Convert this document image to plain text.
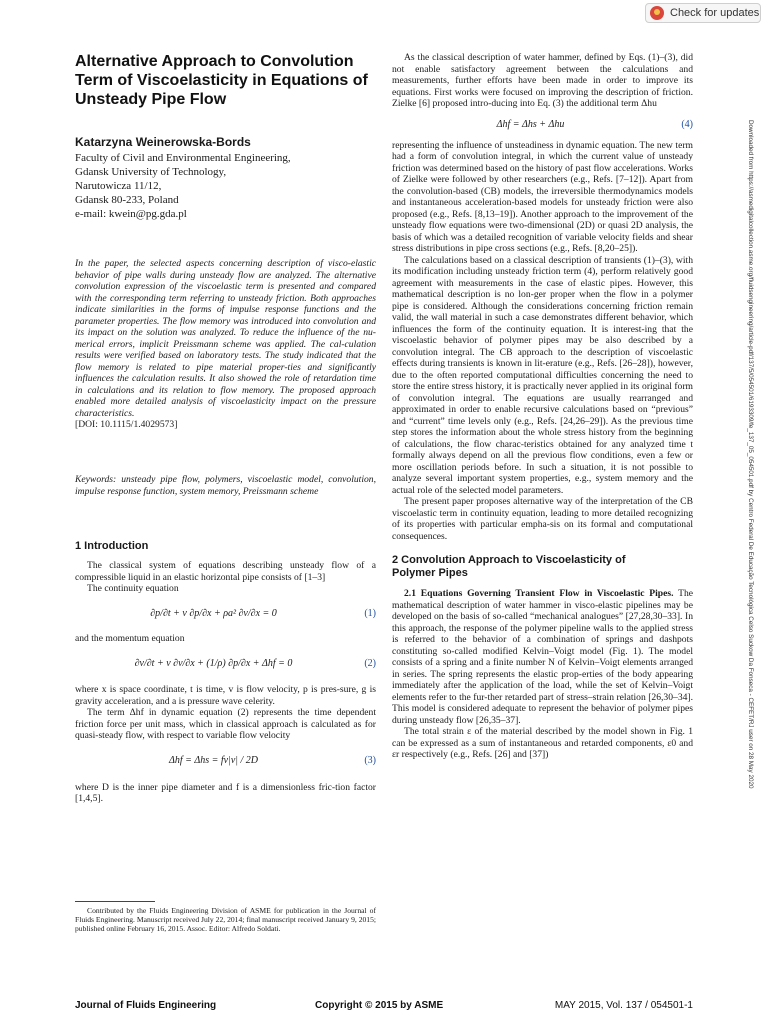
Check for updates
Alternative Approach to Convolution Term of Viscoelasticity in Equations of Unsteady Pipe Flow
Katarzyna Weinerowska-Bords
Faculty of Civil and Environmental Engineering,
Gdansk University of Technology,
Narutowicza 11/12,
Gdansk 80-233, Poland
e-mail: kwein@pg.gda.pl

In the paper, the selected aspects concerning description of visco-elastic behavior of pipe walls during unsteady flow are analyzed. The alternative convolution expression of the viscoelastic term is presented and compared with the corresponding term referring to unsteady friction. Both approaches indicate similarities in the forms of impulse response functions and the parameter properties. The flow memory was introduced into convolution and its impact on the solution was analyzed. To reduce the influence of the nu-merical errors, implicit Preissmann scheme was applied. The cal-culation results were verified based on laboratory tests. The study indicated that the flow memory is related to pipe material proper-ties and significantly influences the calculation results. It also showed the role of retardation time in calculations and its relation to flow memory. The proposed approach enabled more detailed analysis of viscoelasticity impact on the pressure characteristics.

[DOI: 10.1115/1.4029573]

Keywords: unsteady pipe flow, polymers, viscoelastic model, convolution, impulse response function, system memory, Preissmann scheme

1 Introduction

The classical system of equations describing unsteady flow of a compressible liquid in an elastic horizontal pipe consists of [1–3]

The continuity equation

∂p/∂t + v ∂p/∂x + ρa² ∂v/∂x = 0	(1)

and the momentum equation

∂v/∂t + v ∂v/∂x + (1/ρ) ∂p/∂x + Δhf = 0	(2)

where x is space coordinate, t is time, v is flow velocity, p is pres-sure, g is gravity acceleration, and a is pressure wave celerity.

The term Δhf in dynamic equation (2) represents the time dependent friction force per unit mass, which in classical approach is calculated as for quasi-steady flow, with respect to variable flow velocity

Δhf = Δhs = fv|v| / 2D	(3)

where D is the inner pipe diameter and f is a dimensionless fric-tion factor [1,4,5].

Contributed by the Fluids Engineering Division of ASME for publication in the Journal of Fluids Engineering. Manuscript received July 22, 2014; final manuscript received January 9, 2015; published online February 16, 2015. Assoc. Editor: Alfredo Soldati.

As the classical description of water hammer, defined by Eqs. (1)–(3), did not enable satisfactory agreement between the calculations and measurements, further efforts have been made in order to improve its equations. First works were focused on improving the description of friction. Zielke [6] proposed intro-ducing into Eq. (3) the additional term Δhu

Δhf = Δhs + Δhu	(4)

representing the influence of unsteadiness in dynamic equation. The new term had a form of convolution integral, in which the current value of unsteady friction was determined based on the history of past flow accelerations. Works of Zielke were followed by other researchers (e.g., Refs. [7–12]). Apart from the convolution-based (CB) models, the irreversible thermodynamics models and instantaneous acceleration-based models for unsteady friction were also proposed (e.g., Refs. [8,13–19]). Another approach to the improvement of the unsteady flow equations were two-dimensional (2D) or quasi 2D analysis, the basis of which was a detailed recognition of variable velocity fields and shear stress distributions in pipe cross sections (e.g., Refs. [8,20–25]).

The calculations based on a classical description of transients (1)–(3), with its modification including unsteady friction term (4), perform relatively good agreement with measurements in the case of elastic pipes. However, this mathematical description is no lon-ger proper when the flow in a polymer pipe is considered. Although the considerations concerning friction remain valid, the wall material in such a case demonstrates different behavior, which influences the form of the continuity equation. It is interest-ing that the viscoelastic behavior of polymer pipes may be also described by a convolution integral. The CB approach to the description of viscoelastic effects during transients is known in lit-erature (e.g., Refs. [26–28]), however, due to the often reported computational difficulties concerning the need to store the entire stress history, it is practically never applied in its original form of convolution integral. The equations are usually rearranged and approximated in order to enable recursive calculations based on “previous” and “current” time levels only (e.g., Refs. [24,26–29]). As the previous time step stores the information about the whole stress history from the beginning of calculations, the flow charac-teristics obtained for any analyzed time t formally always depend on all the previous flow conditions, even a few or more oscillation periods before. In such a situation, it is not possible to analyze several important system properties, e.g., system memory and the actual role of the selected model parameters.

The present paper proposes alternative way of the interpretation of the CB viscoelastic term in continuity equation, leading to more detailed recognizing of its properties with particular empha-sis on its formal and computational consequences.

2 Convolution Approach to Viscoelasticity of Polymer Pipes

2.1 Equations Governing Transient Flow in Viscoelastic Pipes. The mathematical description of water hammer in visco-elastic pipelines may be developed on the basis of so-called “mechanical analogues” [27,28,30–33]. In this approach, the response of the polymer pipeline walls to the applied stress is referred to the behavior of a combination of springs and dashpots constituting so-called modified Kelvin–Voigt model (Fig. 1). The model consists of a spring and a finite number N of Kelvin–Voigt elements arranged in series. The spring represents the elastic prop-erties of the body appearing immediately after the application of the load, while the set of Kelvin–Voigt elements refer to the fur-ther retarded part of stress–strain relation [26,30–34]. This model is considered adequate to represent the behavior of polymer pipes during unsteady flow [26,35–37].

The total strain ε of the material described by the model shown in Fig. 1 can be expressed as a sum of instantaneous and retarded components, ε0 and εr respectively (e.g., Refs. [26] and [37])

Journal of Fluids Engineering	Copyright © 2015 by ASME	MAY 2015, Vol. 137 / 054501-1
Downloaded from https://asmedigitalcollection.asme.org/fluidsengineering/article-pdf/137/5/054501/6193309/fe_137_05_054501.pdf by Centro Federal De Educação Tecnológica Celso Suckow Da Fonseca - CEFET/RJ user on 28 May 2020
